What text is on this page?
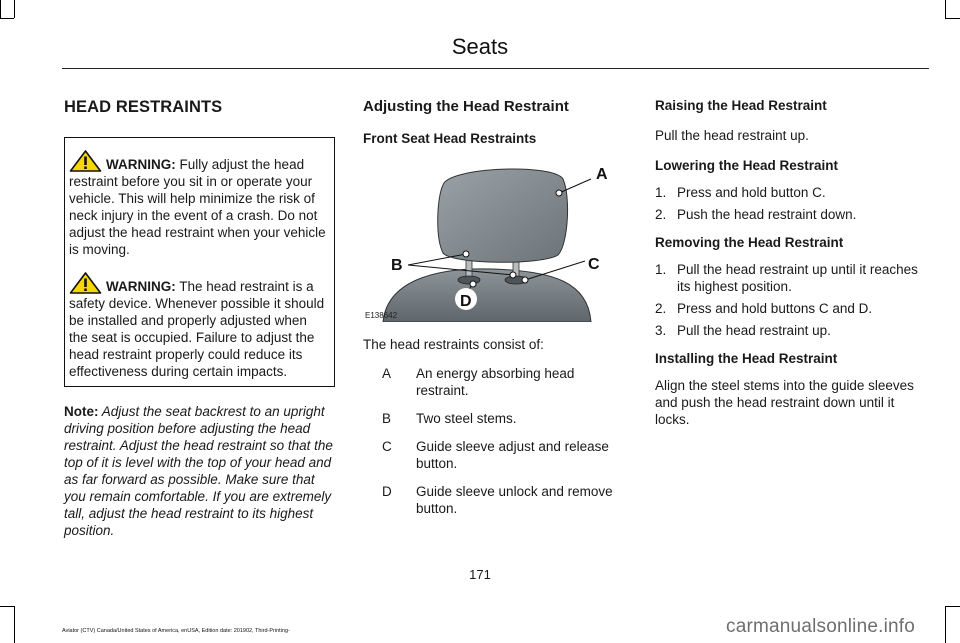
Seats
HEAD RESTRAINTS

WARNING: Fully adjust the head restraint before you sit in or operate your vehicle. This will help minimize the risk of neck injury in the event of a crash. Do not adjust the head restraint when your vehicle is moving.

WARNING: The head restraint is a safety device. Whenever possible it should be installed and properly adjusted when the seat is occupied. Failure to adjust the head restraint properly could reduce its effectiveness during certain impacts.

Note: Adjust the seat backrest to an upright driving position before adjusting the head restraint. Adjust the head restraint so that the top of it is level with the top of your head and as far forward as possible. Make sure that you remain comfortable. If you are extremely tall, adjust the head restraint to its highest position.

Adjusting the Head Restraint
Front Seat Head Restraints
A
B	C
D
E138642

The head restraints consist of:

A	An energy absorbing head restraint.
B	Two steel stems.
C	Guide sleeve adjust and release button.
D	Guide sleeve unlock and remove button.
Raising the Head Restraint

Pull the head restraint up.

Lowering the Head Restraint
1. Press and hold button C.
2. Push the head restraint down.
Removing the Head Restraint
1. Pull the head restraint up until it reaches its highest position.
2. Press and hold buttons C and D.
3. Pull the head restraint up.
Installing the Head Restraint

Align the steel stems into the guide sleeves and push the head restraint down until it locks.

171
Aviator (CTV) Canada/United States of America, enUSA, Edition date: 201902, Third-Printing-	carmanualsonline.info
